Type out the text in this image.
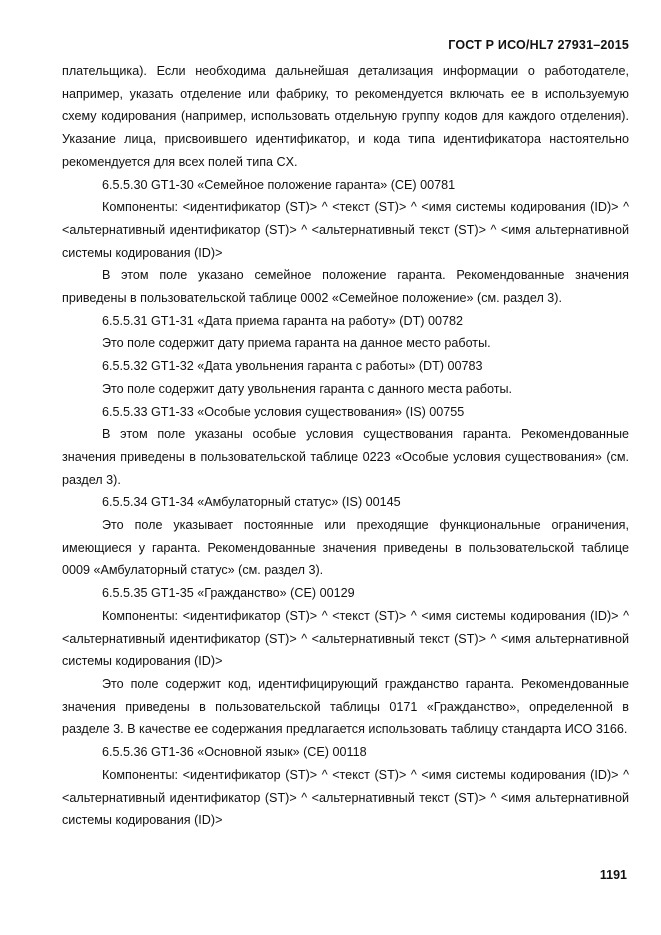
ГОСТ Р ИСО/HL7 27931–2015

плательщика). Если необходима дальнейшая детализация информации о работодателе, например, указать отделение или фабрику, то рекомендуется включать ее в используемую схему кодирования (например, использовать отдельную группу кодов для каждого отделения). Указание лица, присвоившего идентификатор, и кода типа идентификатора настоятельно рекомендуется для всех полей типа CX.

6.5.5.30 GT1-30 «Семейное положение гаранта» (CE) 00781

Компоненты: <идентификатор (ST)> ^ <текст (ST)> ^ <имя системы кодирования (ID)> ^ <альтернативный идентификатор (ST)> ^ <альтернативный текст (ST)> ^ <имя альтернативной системы кодирования (ID)>

В этом поле указано семейное положение гаранта. Рекомендованные значения приведены в пользовательской таблице 0002 «Семейное положение» (см. раздел 3).

6.5.5.31 GT1-31 «Дата приема гаранта на работу» (DT) 00782

Это поле содержит дату приема гаранта на данное место работы.

6.5.5.32 GT1-32 «Дата увольнения гаранта с работы» (DT) 00783

Это поле содержит дату увольнения гаранта с данного места работы.

6.5.5.33 GT1-33 «Особые условия существования» (IS) 00755

В этом поле указаны особые условия существования гаранта. Рекомендованные значения приведены в пользовательской таблице 0223 «Особые условия существования» (см. раздел 3).

6.5.5.34 GT1-34 «Амбулаторный статус» (IS) 00145

Это поле указывает постоянные или преходящие функциональные ограничения, имеющиеся у гаранта. Рекомендованные значения приведены в пользовательской таблице 0009 «Амбулаторный статус» (см. раздел 3).

6.5.5.35 GT1-35 «Гражданство» (CE) 00129

Компоненты: <идентификатор (ST)> ^ <текст (ST)> ^ <имя системы кодирования (ID)> ^ <альтернативный идентификатор (ST)> ^ <альтернативный текст (ST)> ^ <имя альтернативной системы кодирования (ID)>

Это поле содержит код, идентифицирующий гражданство гаранта. Рекомендованные значения приведены в пользовательской таблицы 0171 «Гражданство», определенной в разделе 3. В качестве ее содержания предлагается использовать таблицу стандарта ИСО 3166.

6.5.5.36 GT1-36 «Основной язык» (CE) 00118

Компоненты: <идентификатор (ST)> ^ <текст (ST)> ^ <имя системы кодирования (ID)> ^ <альтернативный идентификатор (ST)> ^ <альтернативный текст (ST)> ^ <имя альтернативной системы кодирования (ID)>

1191
